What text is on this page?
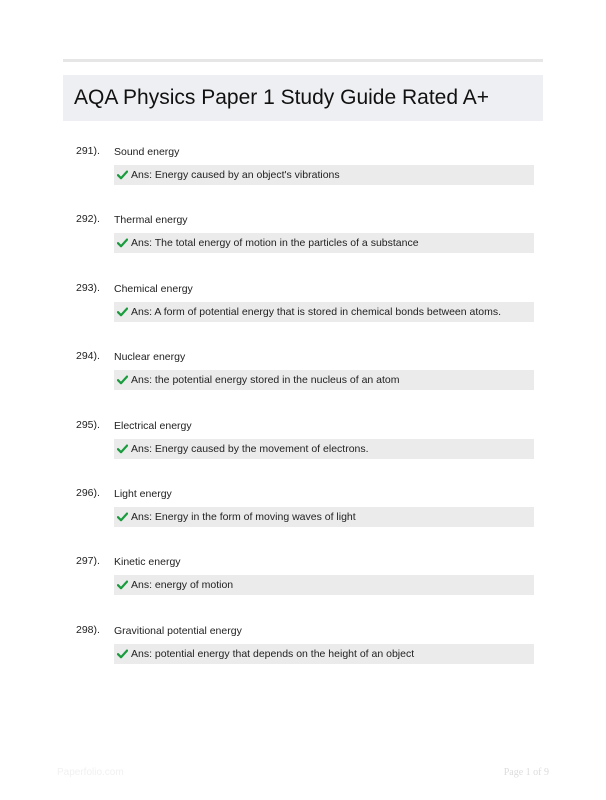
AQA Physics Paper 1 Study Guide Rated A+
291). Sound energy
Ans: Energy caused by an object's vibrations
292). Thermal energy
Ans: The total energy of motion in the particles of a substance
293). Chemical energy
Ans: A form of potential energy that is stored in chemical bonds between atoms.
294). Nuclear energy
Ans: the potential energy stored in the nucleus of an atom
295). Electrical energy
Ans: Energy caused by the movement of electrons.
296). Light energy
Ans: Energy in the form of moving waves of light
297). Kinetic energy
Ans: energy of motion
298). Gravitional potential energy
Ans: potential energy that depends on the height of an object
Paperfolio.com	Page 1 of 9
